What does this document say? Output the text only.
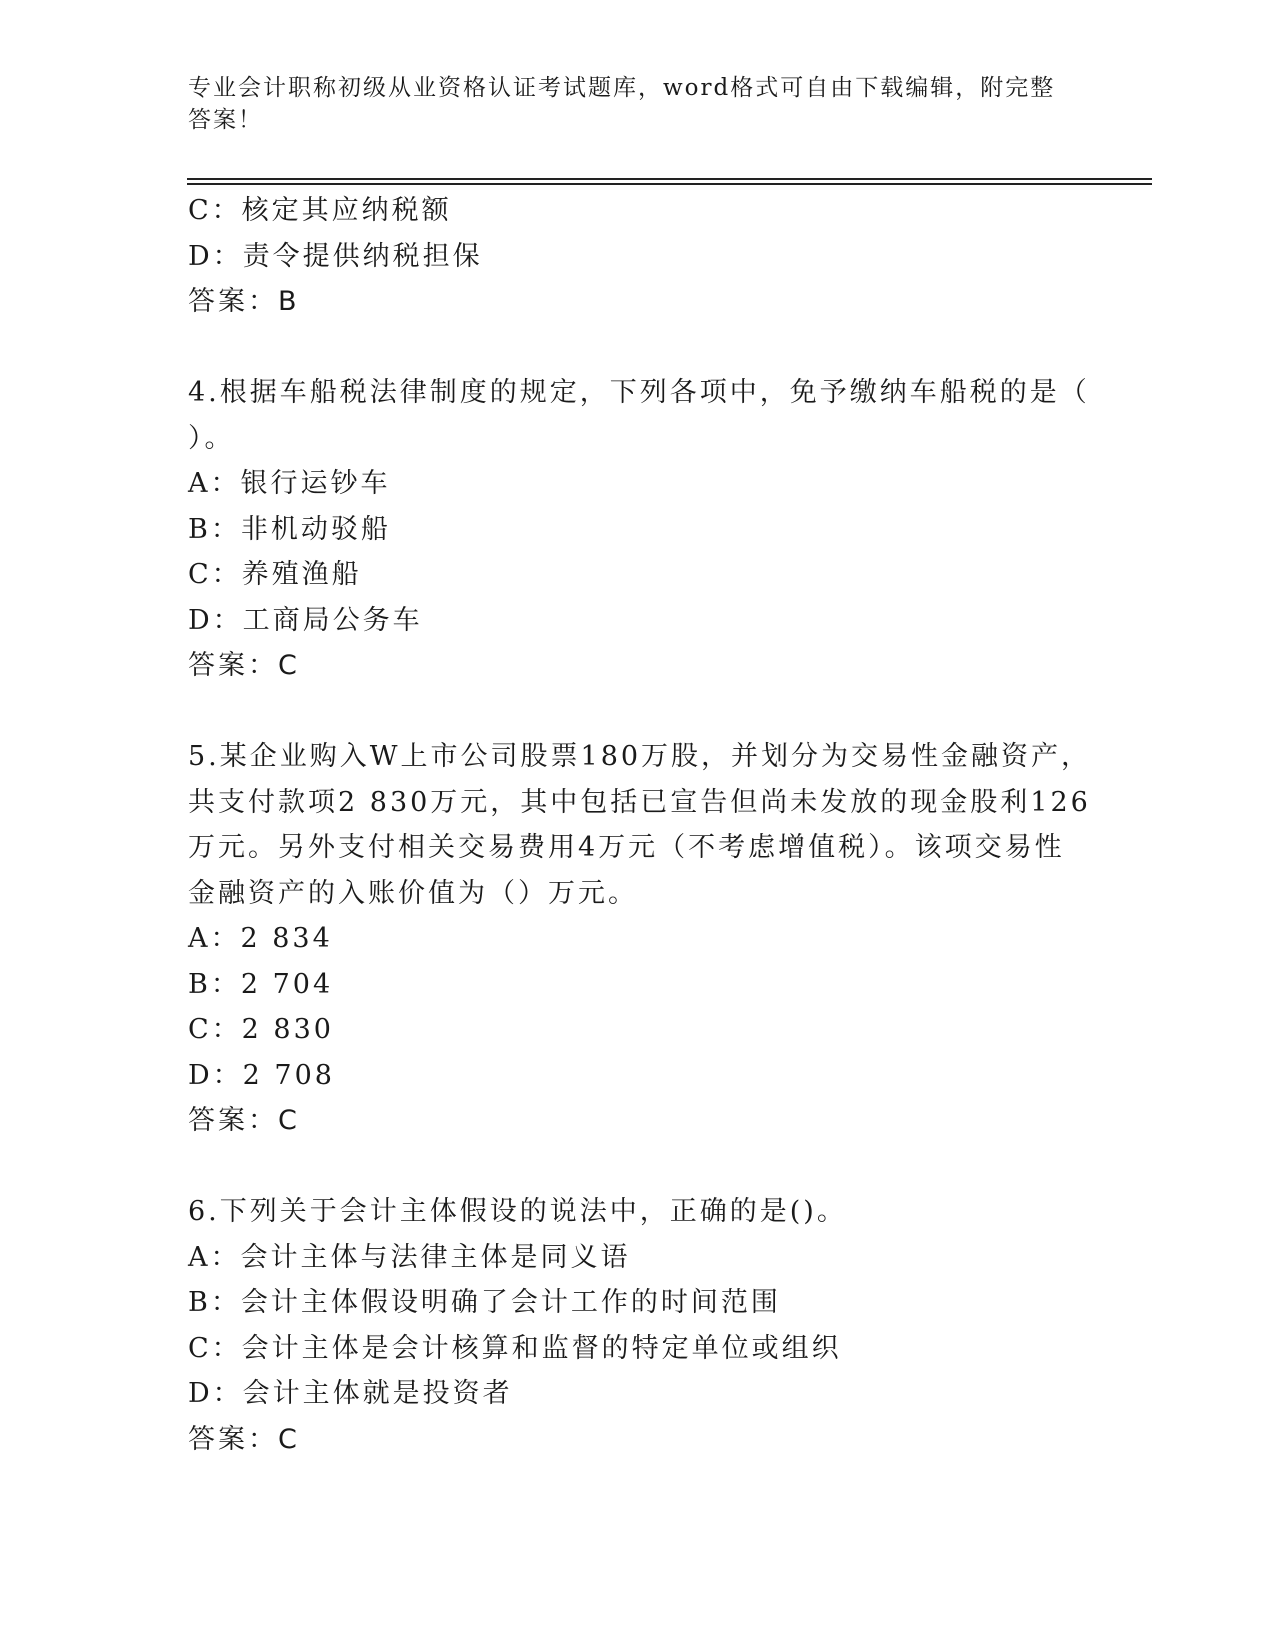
专业会计职称初级从业资格认证考试题库，word格式可自由下载编辑，附完整答案！
C：核定其应纳税额
D：责令提供纳税担保
答案：B
4.根据车船税法律制度的规定，下列各项中，免予缴纳车船税的是（
）。
A：银行运钞车
B：非机动驳船
C：养殖渔船
D：工商局公务车
答案：C
5.某企业购入W上市公司股票180万股，并划分为交易性金融资产，
共支付款项2 830万元，其中包括已宣告但尚未发放的现金股利126
万元。另外支付相关交易费用4万元（不考虑增值税）。该项交易性
金融资产的入账价值为（）万元。
A：2 834
B：2 704
C：2 830
D：2 708
答案：C
6.下列关于会计主体假设的说法中，正确的是()。
A：会计主体与法律主体是同义语
B：会计主体假设明确了会计工作的时间范围
C：会计主体是会计核算和监督的特定单位或组织
D：会计主体就是投资者
答案：C
